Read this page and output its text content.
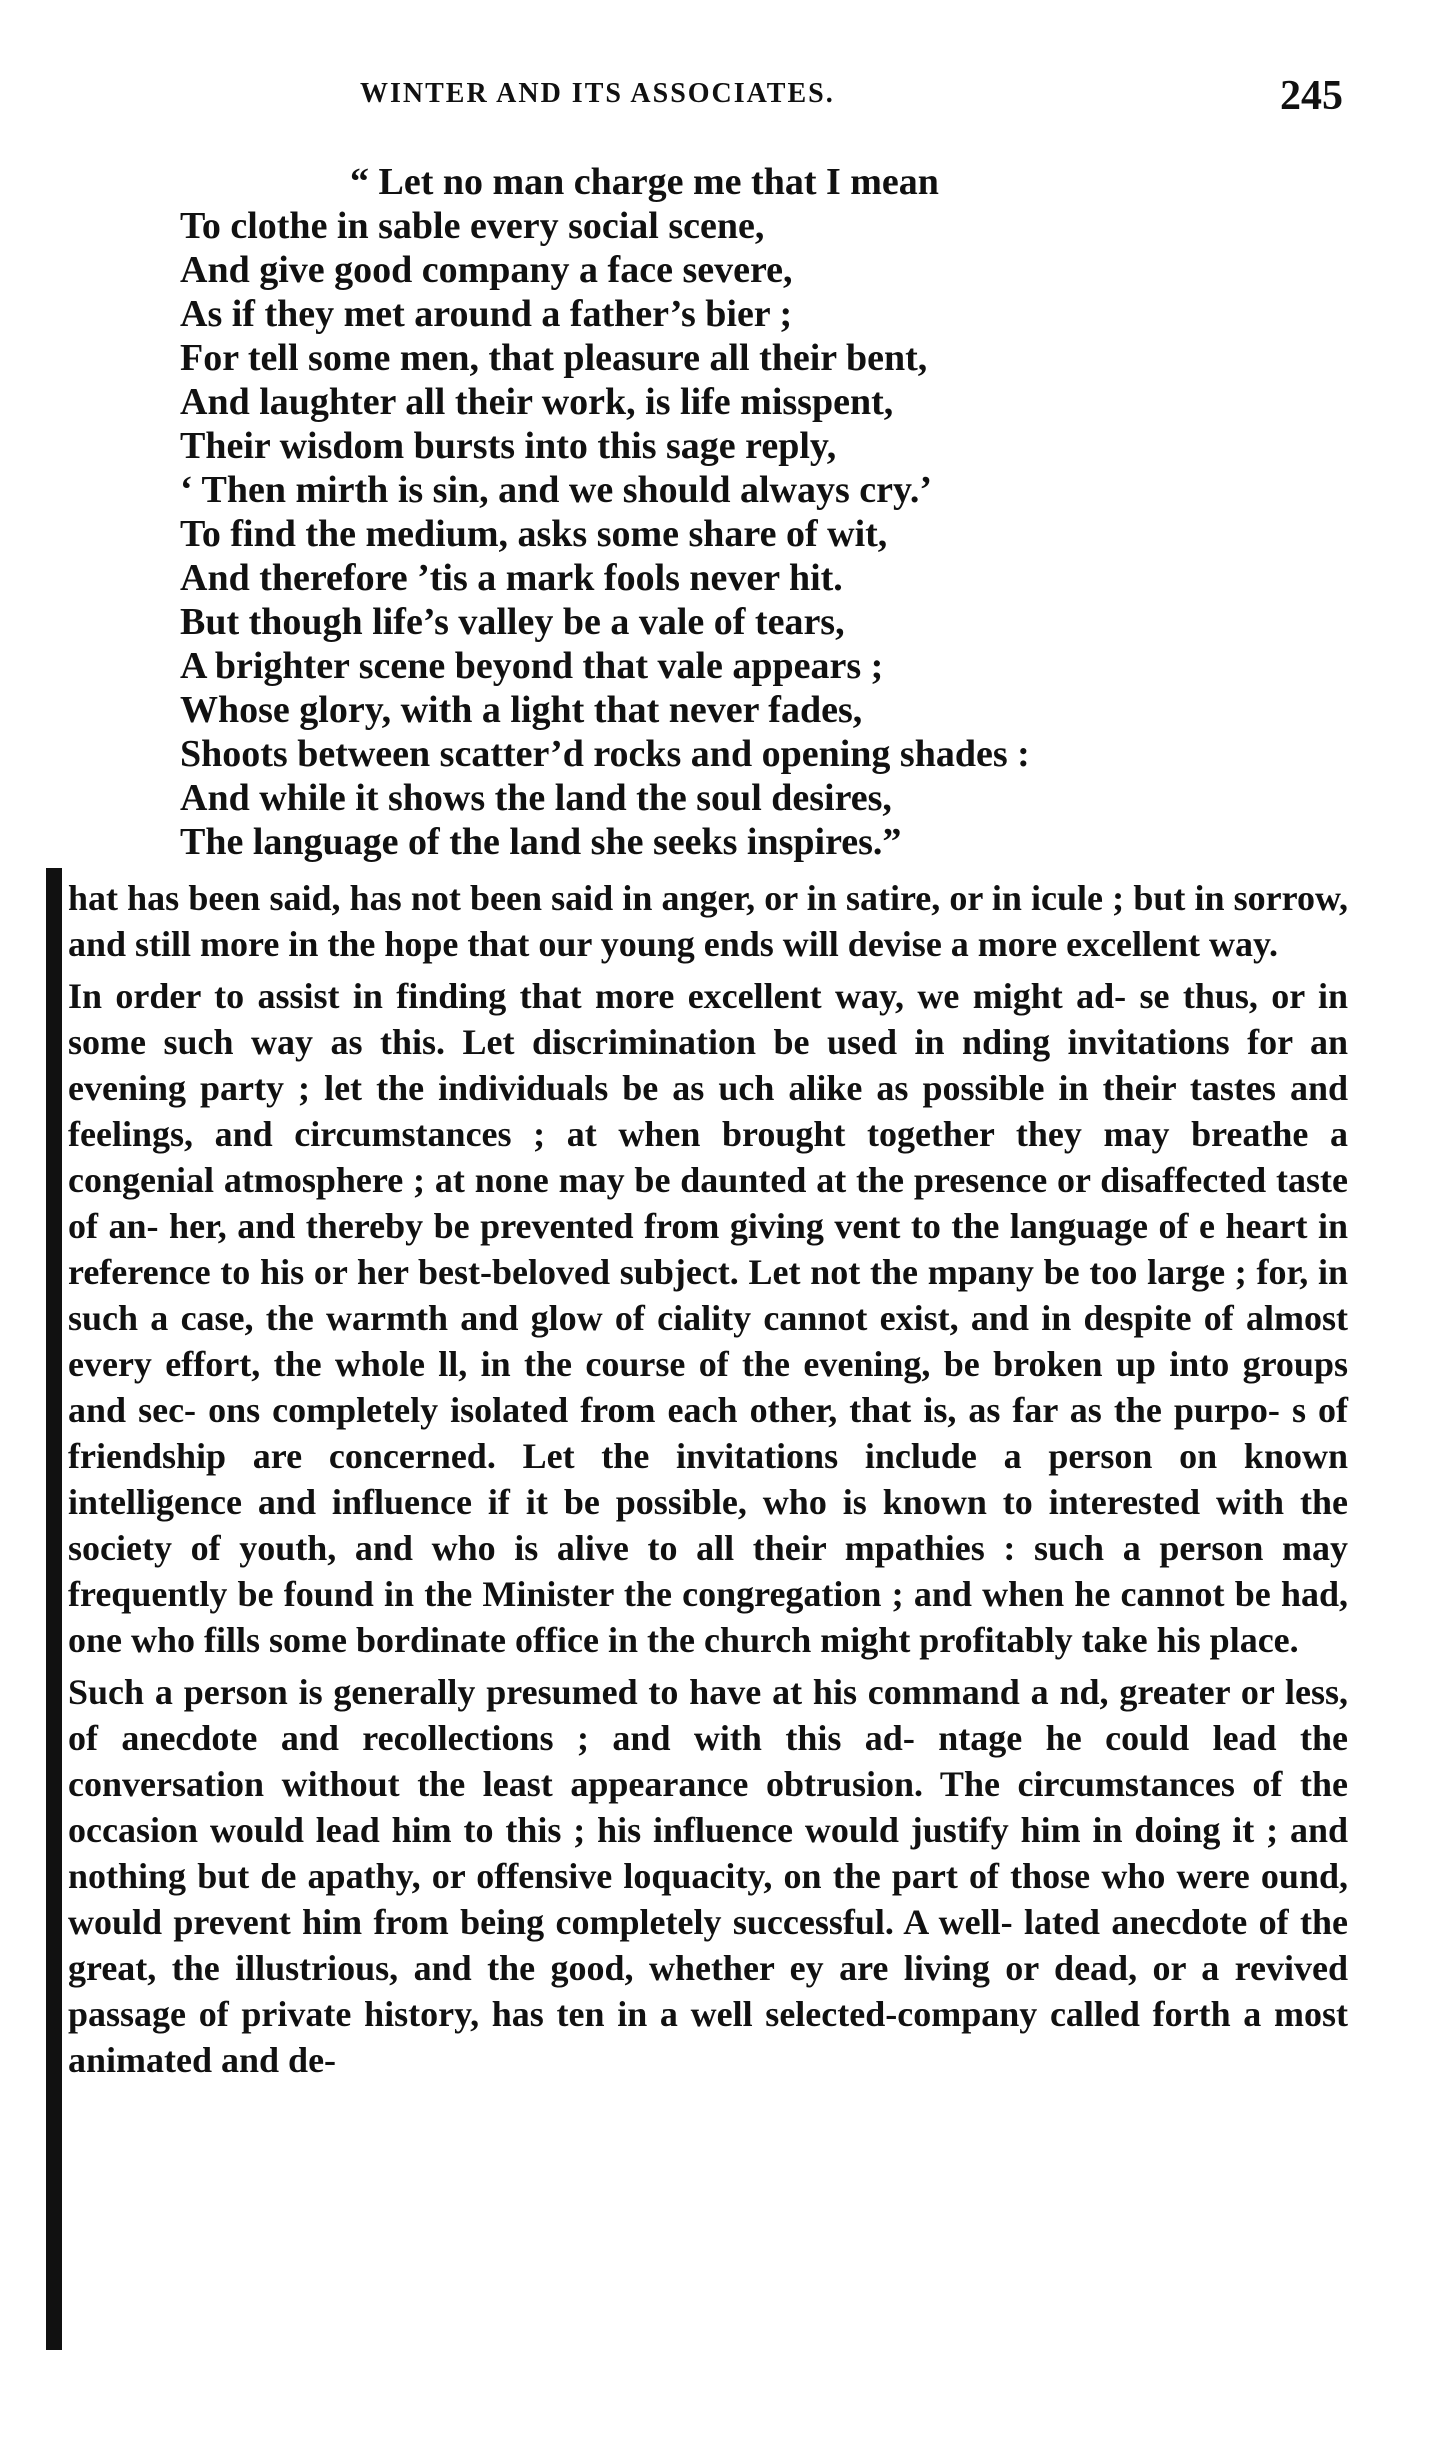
WINTER AND ITS ASSOCIATES.	245
“ Let no man charge me that I mean
To clothe in sable every social scene,
And give good company a face severe,
As if they met around a father’s bier ;
For tell some men, that pleasure all their bent,
And laughter all their work, is life misspent,
Their wisdom bursts into this sage reply,
‘ Then mirth is sin, and we should always cry.’
To find the medium, asks some share of wit,
And therefore ’tis a mark fools never hit.
But though life’s valley be a vale of tears,
A brighter scene beyond that vale appears ;
Whose glory, with a light that never fades,
Shoots between scatter’d rocks and opening shades :
And while it shows the land the soul desires,
The language of the land she seeks inspires.”

hat has been said, has not been said in anger, or in satire, or in icule ; but in sorrow, and still more in the hope that our young ends will devise a more excellent way.

In order to assist in finding that more excellent way, we might ad- se thus, or in some such way as this. Let discrimination be used in nding invitations for an evening party ; let the individuals be as uch alike as possible in their tastes and feelings, and circumstances ; at when brought together they may breathe a congenial atmosphere ; at none may be daunted at the presence or disaffected taste of an- her, and thereby be prevented from giving vent to the language of e heart in reference to his or her best-beloved subject. Let not the mpany be too large ; for, in such a case, the warmth and glow of ciality cannot exist, and in despite of almost every effort, the whole ll, in the course of the evening, be broken up into groups and sec- ons completely isolated from each other, that is, as far as the purpo- s of friendship are concerned. Let the invitations include a person on known intelligence and influence if it be possible, who is known to interested with the society of youth, and who is alive to all their mpathies : such a person may frequently be found in the Minister the congregation ; and when he cannot be had, one who fills some bordinate office in the church might profitably take his place.

Such a person is generally presumed to have at his command a nd, greater or less, of anecdote and recollections ; and with this ad- ntage he could lead the conversation without the least appearance obtrusion. The circumstances of the occasion would lead him to this ; his influence would justify him in doing it ; and nothing but de apathy, or offensive loquacity, on the part of those who were ound, would prevent him from being completely successful. A well- lated anecdote of the great, the illustrious, and the good, whether ey are living or dead, or a revived passage of private history, has ten in a well selected-company called forth a most animated and de-
